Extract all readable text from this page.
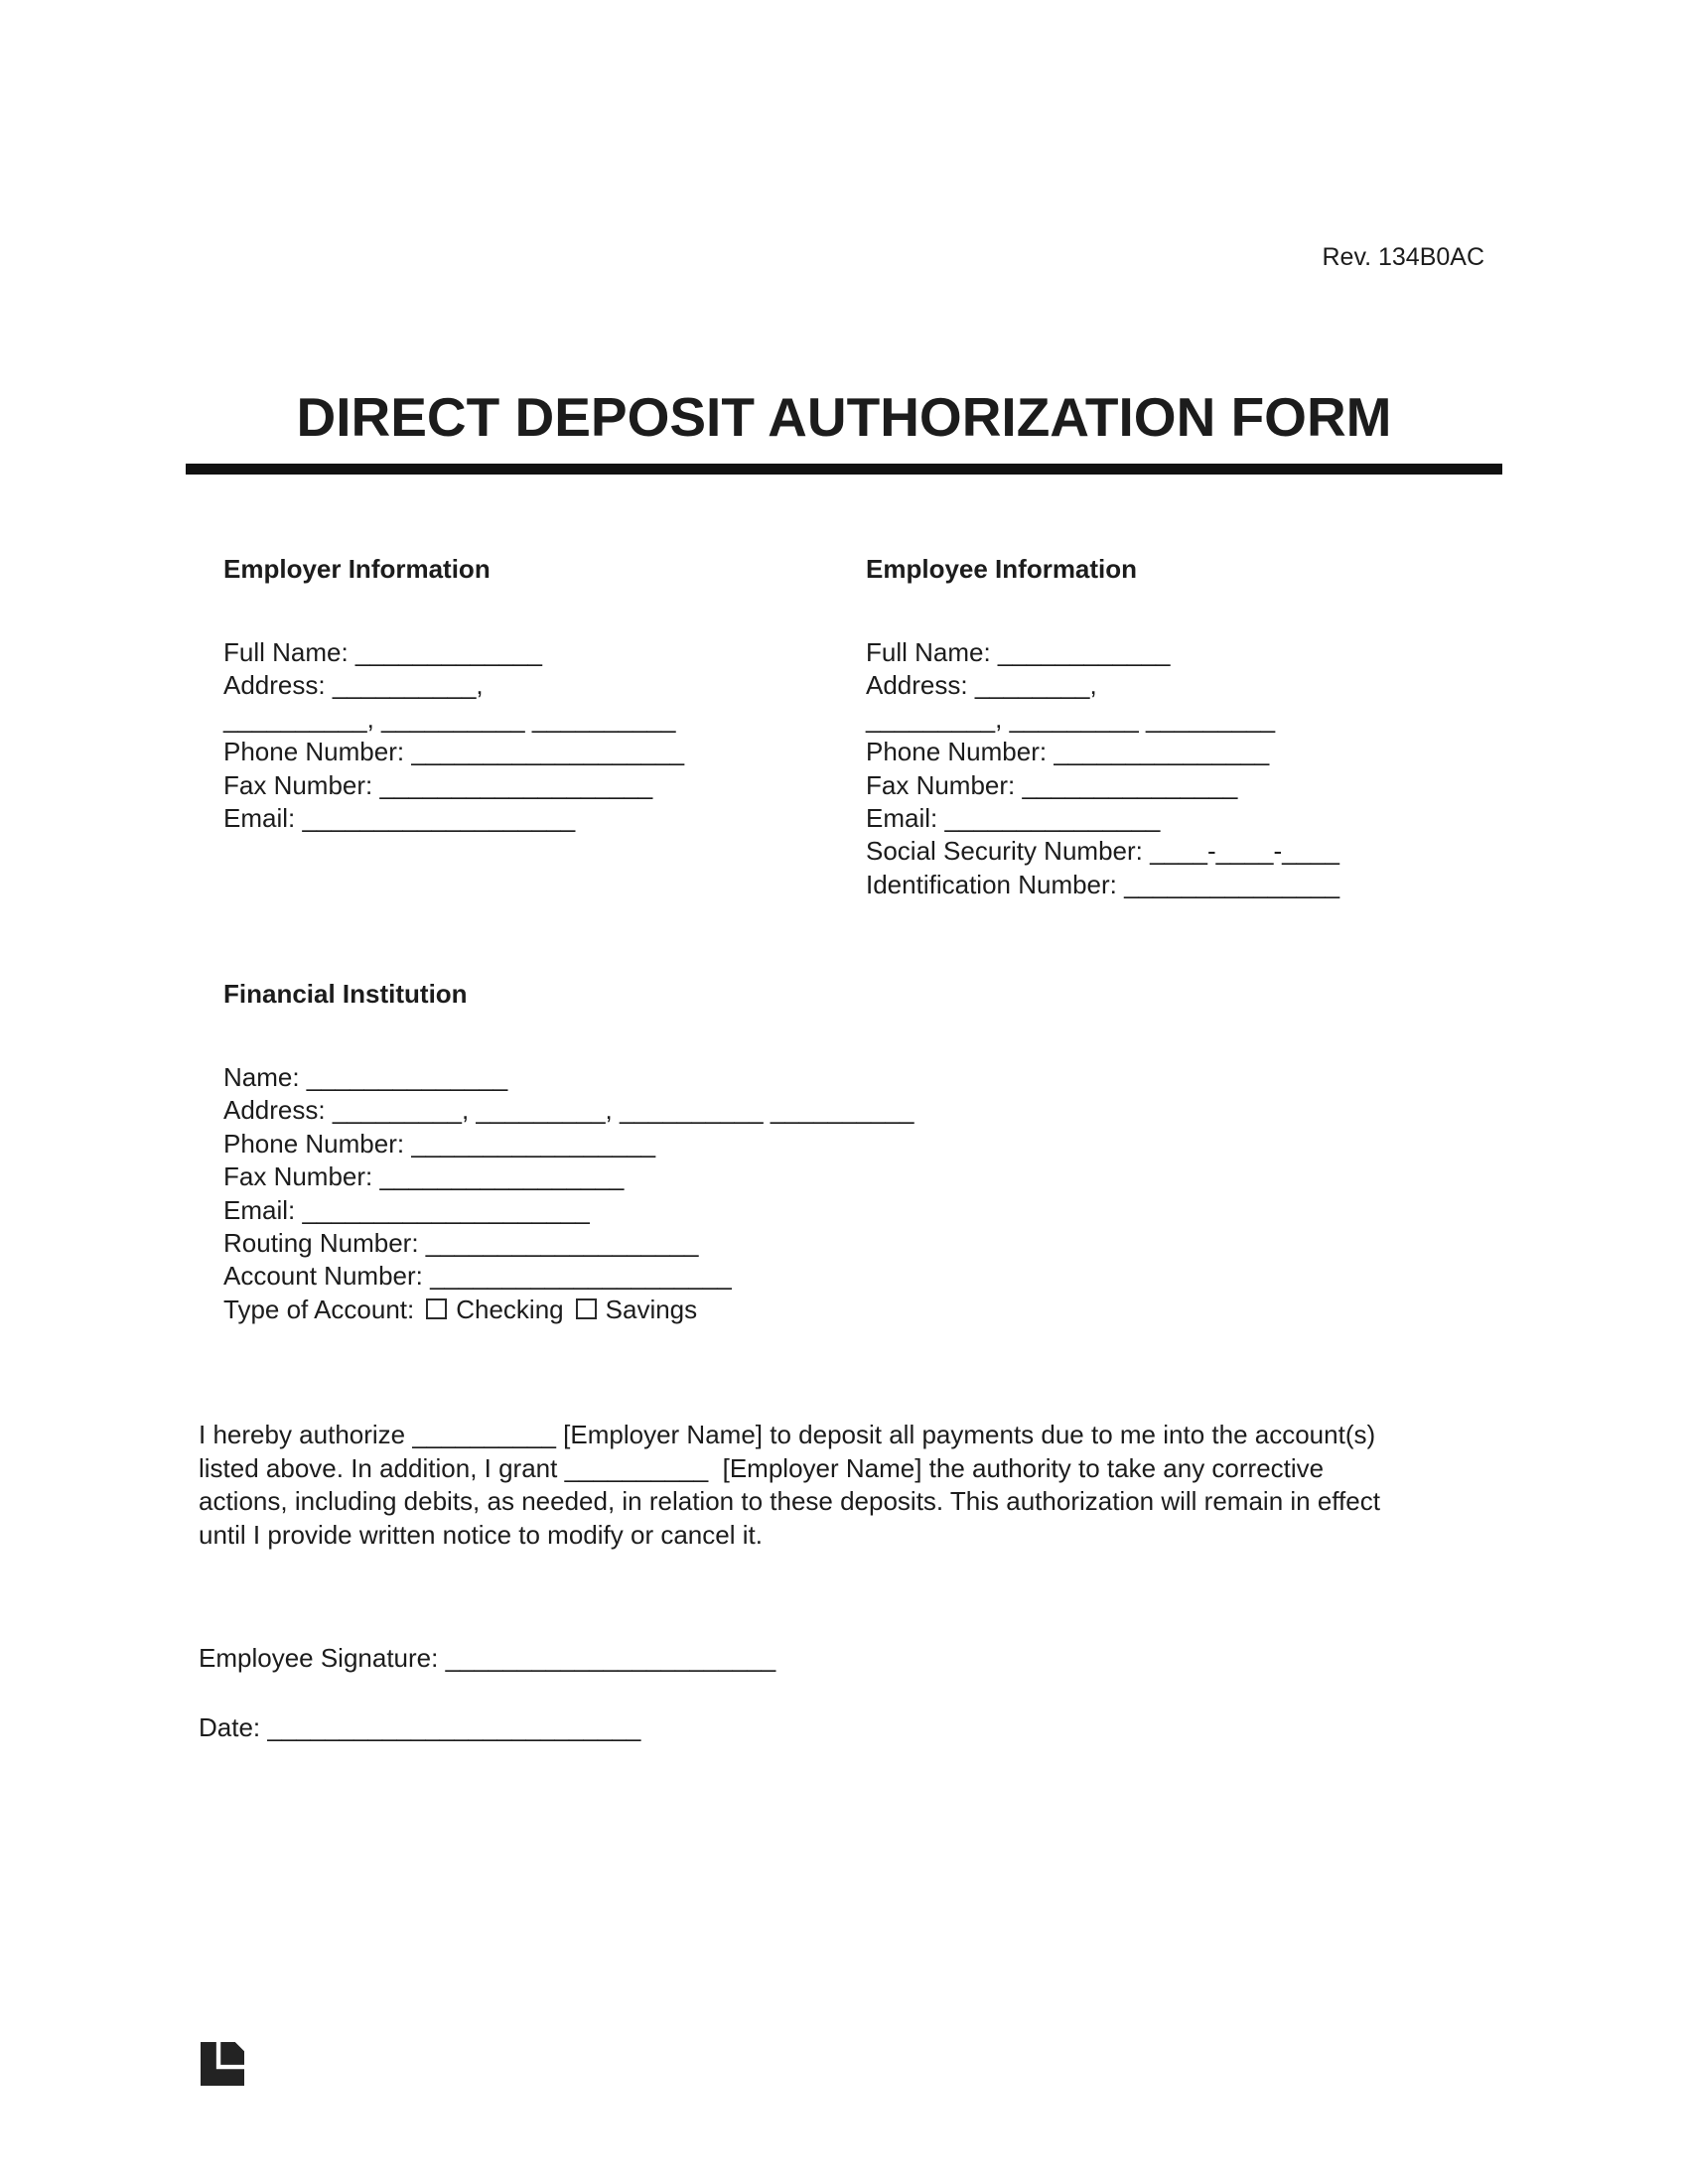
Rev. 134B0AC
DIRECT DEPOSIT AUTHORIZATION FORM
Employer Information	Employee Information
Full Name: _____________
Address: __________,
__________, __________ __________
Phone Number: ___________________
Fax Number: ___________________
Email: ___________________
Full Name: ____________
Address: ________,
_________, _________ _________
Phone Number: _______________
Fax Number: _______________
Email: _______________
Social Security Number: ____-____-____
Identification Number: _______________
Financial Institution
Name: ______________
Address: _________, _________, __________ __________
Phone Number: _________________
Fax Number: _________________
Email: ____________________
Routing Number: ___________________
Account Number: _____________________
Type of Account: Checking Savings
I hereby authorize __________ [Employer Name] to deposit all payments due to me into the account(s)
listed above. In addition, I grant __________  [Employer Name] the authority to take any corrective
actions, including debits, as needed, in relation to these deposits. This authorization will remain in effect
until I provide written notice to modify or cancel it.
Employee Signature: _______________________
Date: __________________________
